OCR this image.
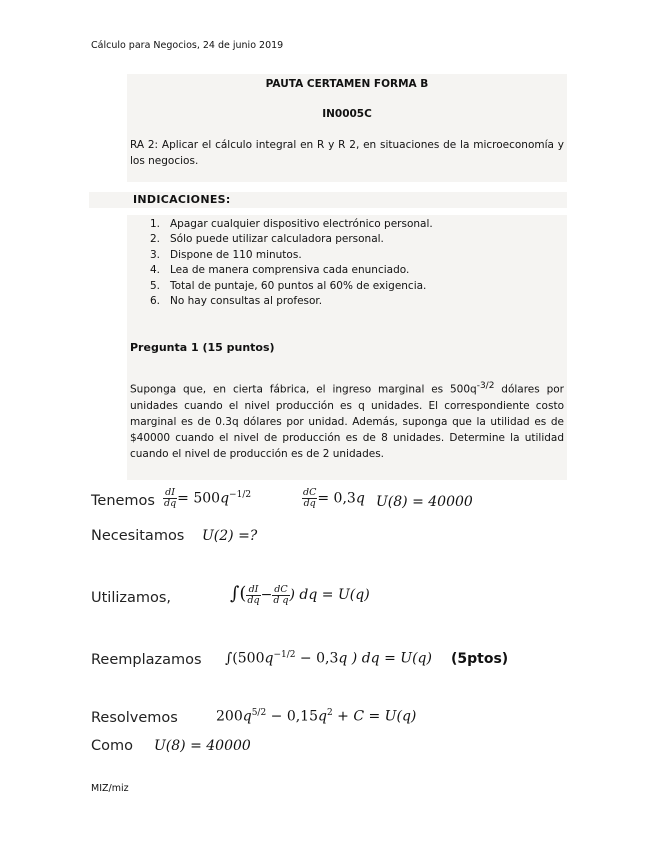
Cálculo para Negocios, 24 de junio 2019
PAUTA CERTAMEN FORMA B
IN0005C
RA 2: Aplicar el cálculo integral en R y R 2, en situaciones de la microeconomía y los negocios.
INDICACIONES:
1. Apagar cualquier dispositivo electrónico personal.
2. Sólo puede utilizar calculadora personal.
3. Dispone de 110 minutos.
4. Lea de manera comprensiva cada enunciado.
5. Total de puntaje, 60 puntos al 60% de exigencia.
6. No hay consultas al profesor.
Pregunta 1 (15 puntos)
Suponga que, en cierta fábrica, el ingreso marginal es $500q^{-3/2}$ dólares por unidades cuando el nivel producción es q unidades. El correspondiente costo marginal es de 0.3q dólares por unidad. Además, suponga que la utilidad es de $40000 cuando el nivel de producción es de 8 unidades. Determine la utilidad cuando el nivel de producción es de 2 unidades.
Tenemos $\frac{dI}{dq} = 500q^{-1/2}$	$\frac{dC}{dq} = 0,3q$ U(8) = 40000
Necesitamos U(2) =?
Utilizamos,	∫( $\frac{dI}{dq} - \frac{dC}{\text{d q}}$ ) dq = U(q)
Reemplazamos $\int(500q^{-1/2} - 0,3q$ ) dq = U(q) (5ptos)
Resolvemos	$200q^{5/2} - 0,15q^2 + C = U(q)$
Como U(8) = 40000
MIZ/miz
